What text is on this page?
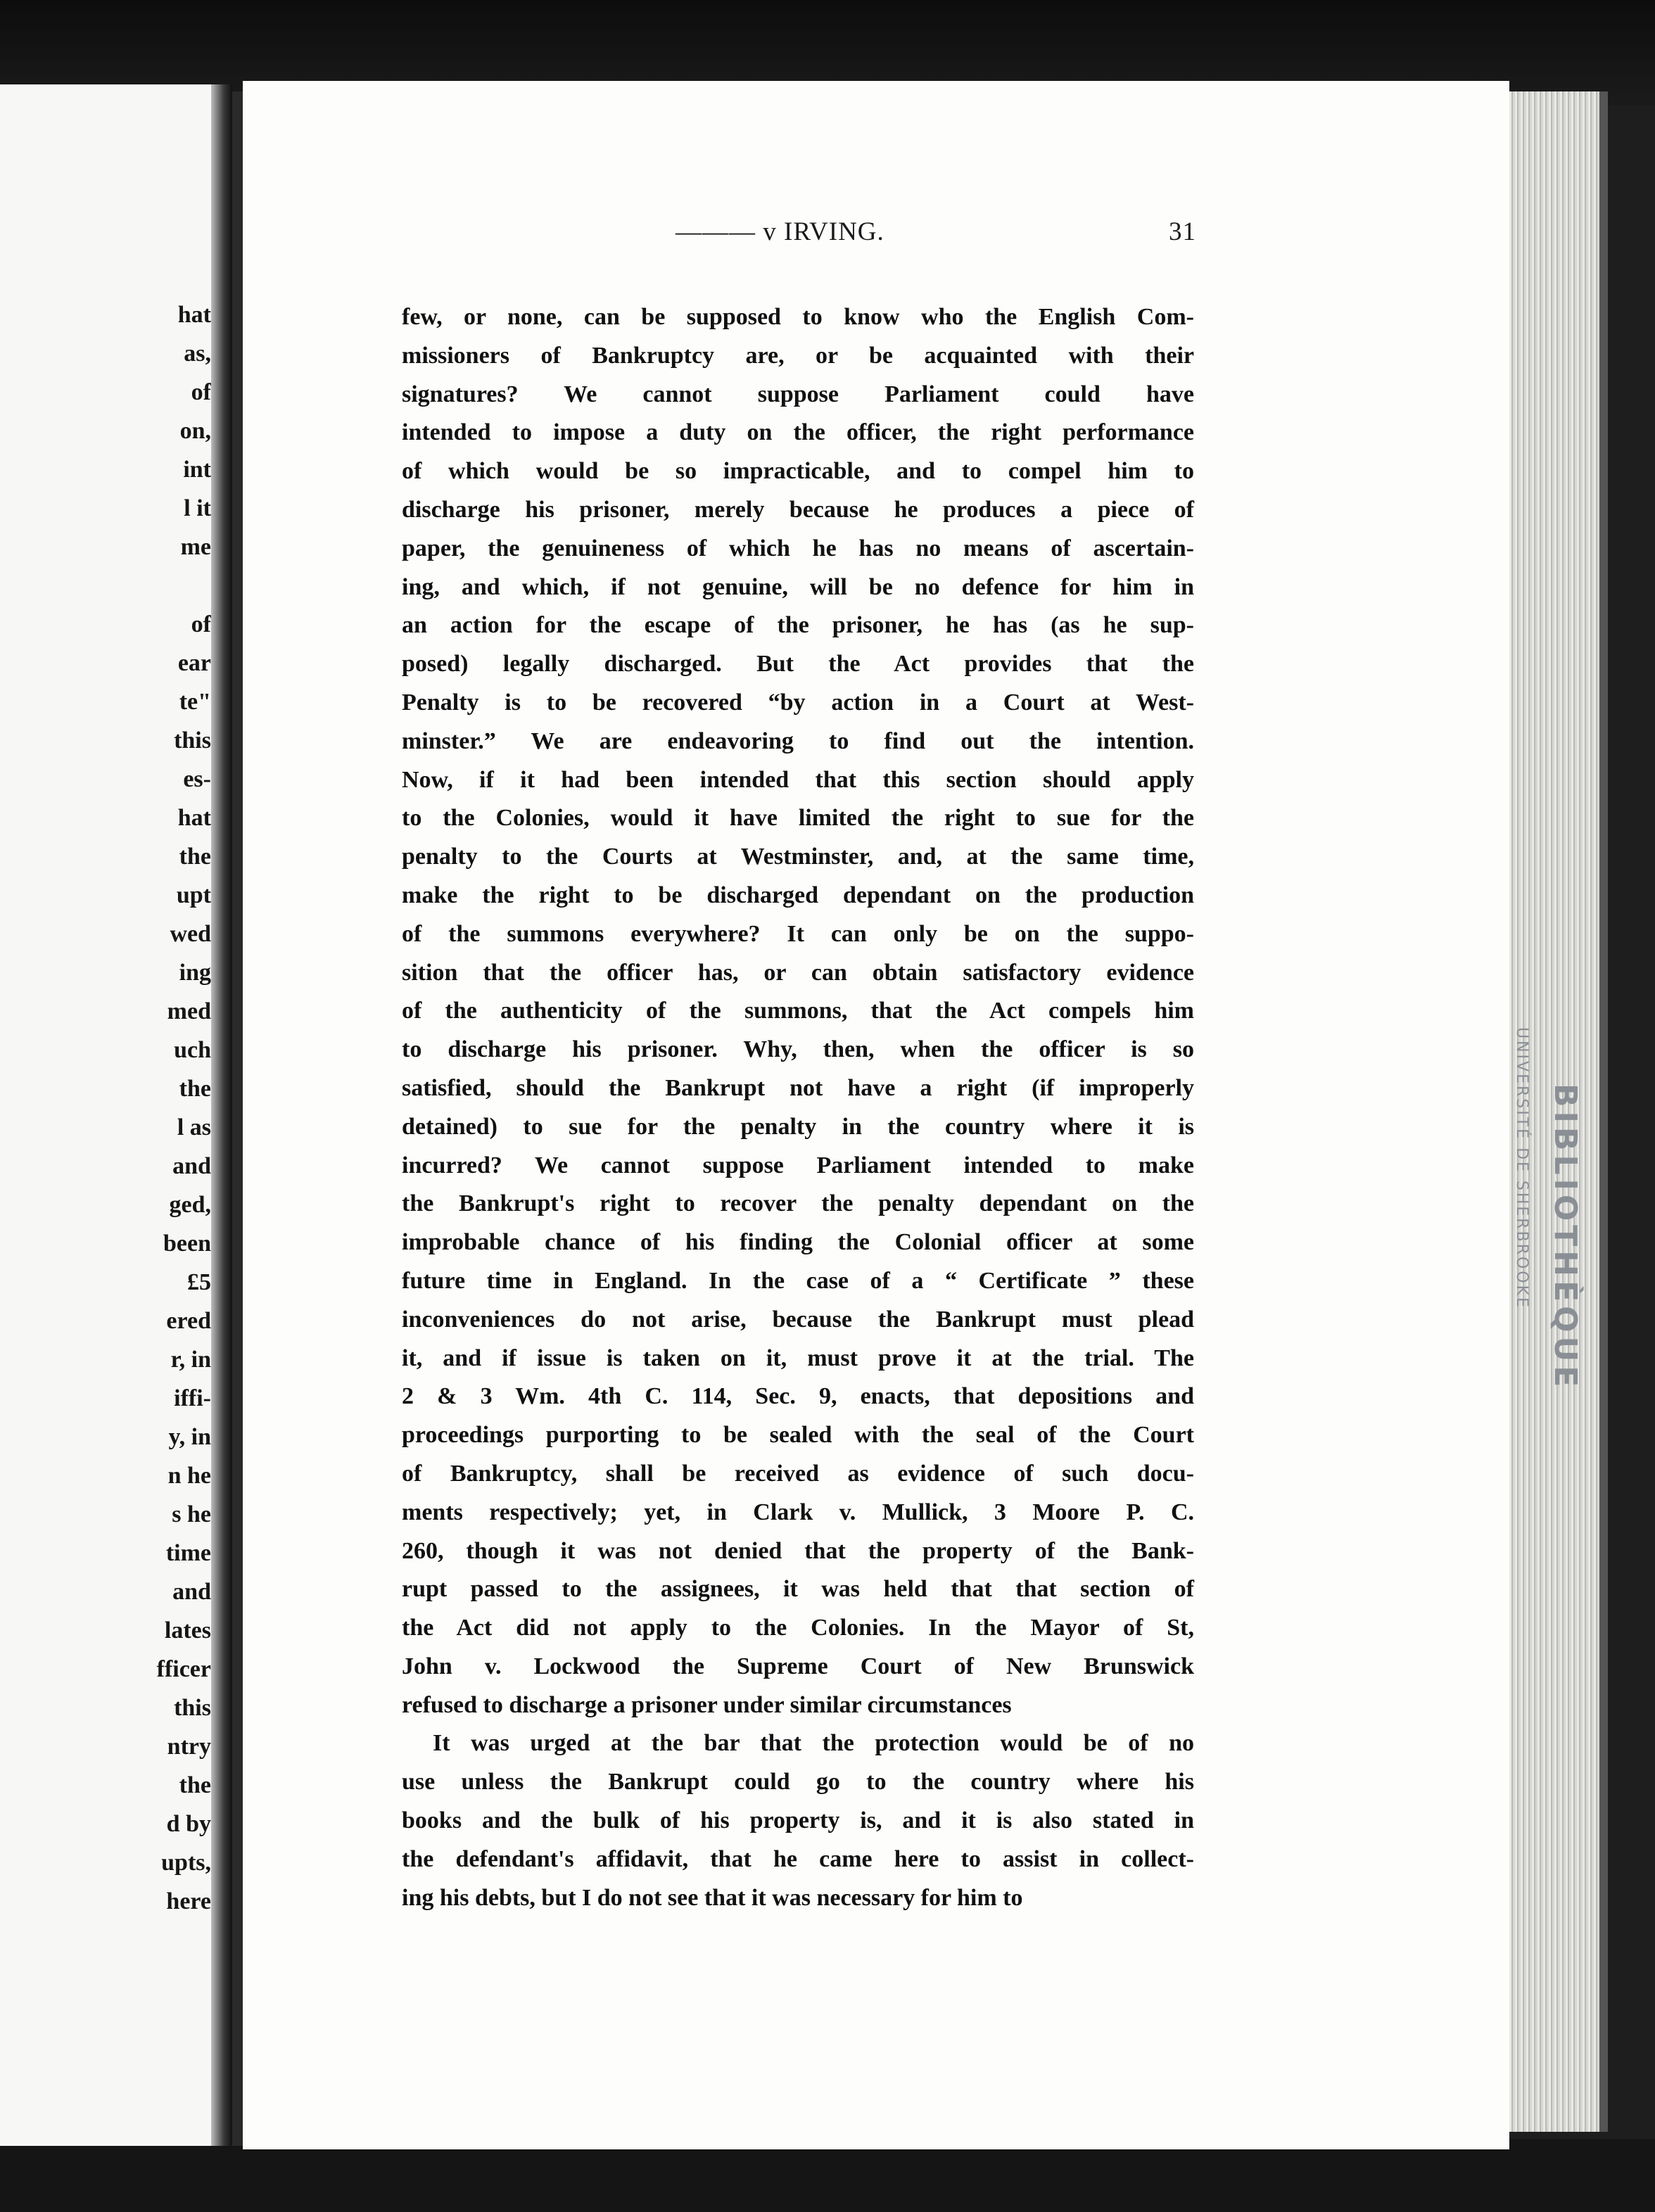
hat
as,
of
on,
int
l it
me

of
ear
te"
this
es-
hat
the
upt
wed
ing
med
uch
the
l as
and
ged,
been
£5
ered
r, in
iffi-
y, in
n he
s he
time
and
lates
fficer
this
ntry
the
d by
upts,
here
BIBLIOTHÈQUE
UNIVERSITÉ DE SHERBROOKE
——— v IRVING.	31
few, or none, can be supposed to know who the English Com-
missioners of Bankruptcy are, or be acquainted with their
signatures? We cannot suppose Parliament could have
intended to impose a duty on the officer, the right performance
of which would be so impracticable, and to compel him to
discharge his prisoner, merely because he produces a piece of
paper, the genuineness of which he has no means of ascertain-
ing, and which, if not genuine, will be no defence for him in
an action for the escape of the prisoner, he has (as he sup-
posed) legally discharged. But the Act provides that the
Penalty is to be recovered “by action in a Court at West-
minster.” We are endeavoring to find out the intention.
Now, if it had been intended that this section should apply
to the Colonies, would it have limited the right to sue for the
penalty to the Courts at Westminster, and, at the same time,
make the right to be discharged dependant on the production
of the summons everywhere? It can only be on the suppo-
sition that the officer has, or can obtain satisfactory evidence
of the authenticity of the summons, that the Act compels him
to discharge his prisoner. Why, then, when the officer is so
satisfied, should the Bankrupt not have a right (if improperly
detained) to sue for the penalty in the country where it is
incurred? We cannot suppose Parliament intended to make
the Bankrupt's right to recover the penalty dependant on the
improbable chance of his finding the Colonial officer at some
future time in England. In the case of a “ Certificate ” these
inconveniences do not arise, because the Bankrupt must plead
it, and if issue is taken on it, must prove it at the trial. The
2 & 3 Wm. 4th C. 114, Sec. 9, enacts, that depositions and
proceedings purporting to be sealed with the seal of the Court
of Bankruptcy, shall be received as evidence of such docu-
ments respectively; yet, in Clark v. Mullick, 3 Moore P. C.
260, though it was not denied that the property of the Bank-
rupt passed to the assignees, it was held that that section of
the Act did not apply to the Colonies. In the Mayor of St,
John v. Lockwood the Supreme Court of New Brunswick
refused to discharge a prisoner under similar circumstances
It was urged at the bar that the protection would be of no
use unless the Bankrupt could go to the country where his
books and the bulk of his property is, and it is also stated in
the defendant's affidavit, that he came here to assist in collect-
ing his debts, but I do not see that it was necessary for him to
